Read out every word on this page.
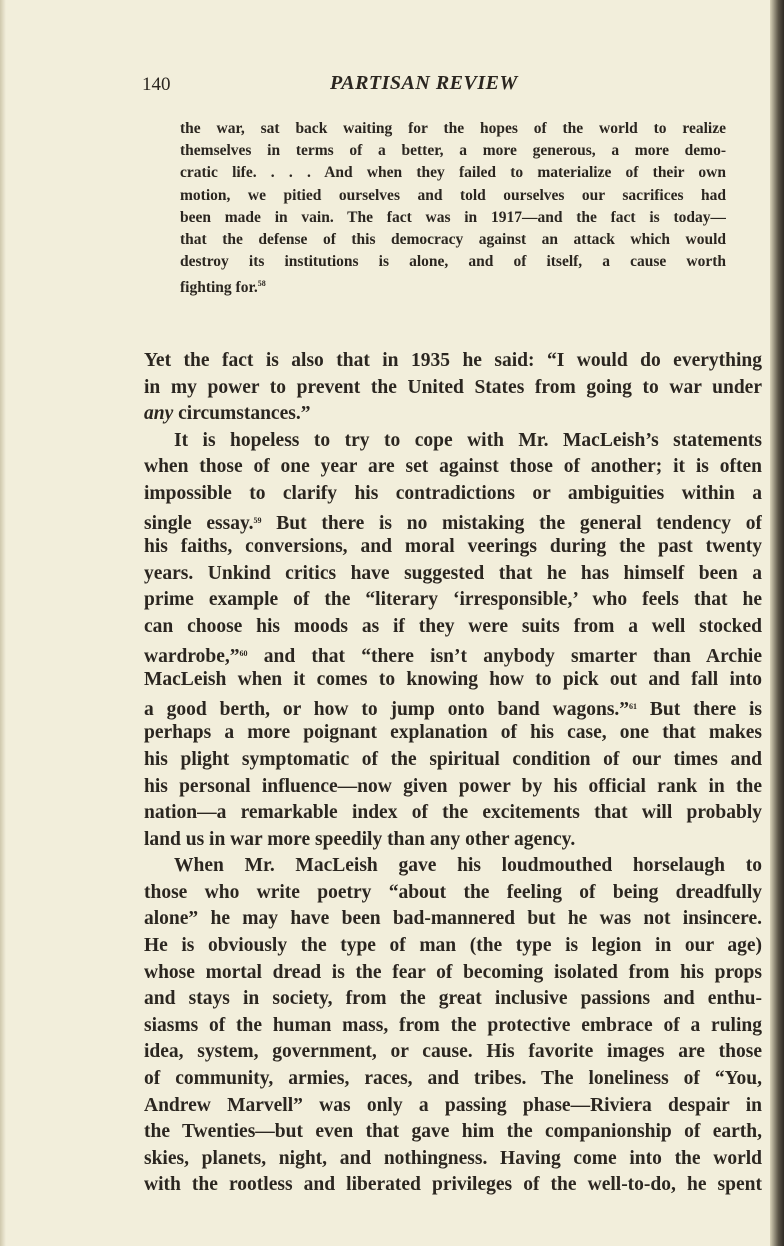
140	PARTISAN REVIEW
the war, sat back waiting for the hopes of the world to realize
themselves in terms of a better, a more generous, a more demo-
cratic life. . . . And when they failed to materialize of their own
motion, we pitied ourselves and told ourselves our sacrifices had
been made in vain. The fact was in 1917—and the fact is today—
that the defense of this democracy against an attack which would
destroy its institutions is alone, and of itself, a cause worth
fighting for.$^{58}$
Yet the fact is also that in 1935 he said: “I would do everything
in my power to prevent the United States from going to war under
any circumstances.”
It is hopeless to try to cope with Mr. MacLeish’s statements
when those of one year are set against those of another; it is often
impossible to clarify his contradictions or ambiguities within a
single essay.$^{59}$ But there is no mistaking the general tendency of
his faiths, conversions, and moral veerings during the past twenty
years. Unkind critics have suggested that he has himself been a
prime example of the “literary ‘irresponsible,’ who feels that he
can choose his moods as if they were suits from a well stocked
wardrobe,”$^{60}$ and that “there isn’t anybody smarter than Archie
MacLeish when it comes to knowing how to pick out and fall into
a good berth, or how to jump onto band wagons.”$^{61}$ But there is
perhaps a more poignant explanation of his case, one that makes
his plight symptomatic of the spiritual condition of our times and
his personal influence—now given power by his official rank in the
nation—a remarkable index of the excitements that will probably
land us in war more speedily than any other agency.
When Mr. MacLeish gave his loudmouthed horselaugh to
those who write poetry “about the feeling of being dreadfully
alone” he may have been bad-mannered but he was not insincere.
He is obviously the type of man (the type is legion in our age)
whose mortal dread is the fear of becoming isolated from his props
and stays in society, from the great inclusive passions and enthu-
siasms of the human mass, from the protective embrace of a ruling
idea, system, government, or cause. His favorite images are those
of community, armies, races, and tribes. The loneliness of “You,
Andrew Marvell” was only a passing phase—Riviera despair in
the Twenties—but even that gave him the companionship of earth,
skies, planets, night, and nothingness. Having come into the world
with the rootless and liberated privileges of the well-to-do, he spent
